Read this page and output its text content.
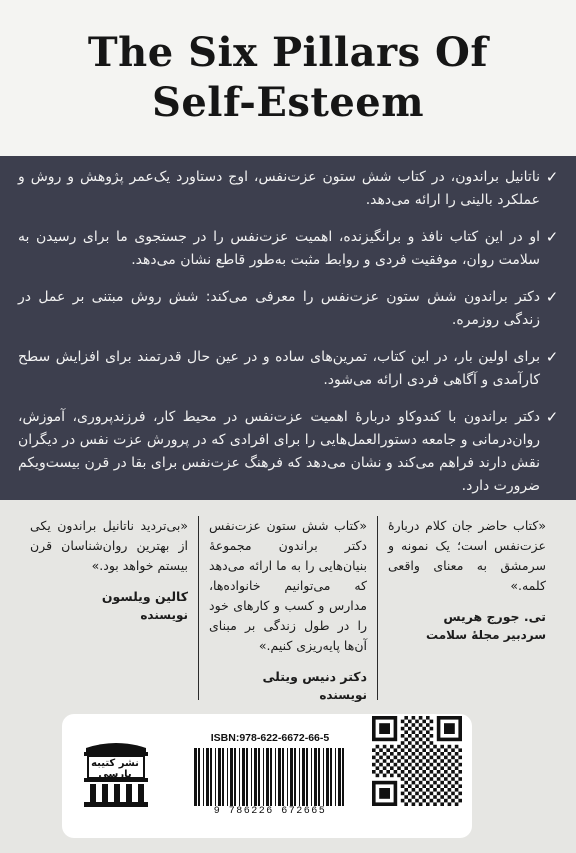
The Six Pillars Of
Self-Esteem
✓
ناتانیل براندون، در کتاب شش ستون عزت‌نفس، اوج دستاورد یک‌عمر پژوهش و روش و عملکرد بالینی را ارائه می‌دهد.
✓
او در این کتاب نافذ و برانگیزنده، اهمیت عزت‌نفس را در جستجوی ما برای رسیدن به سلامت روان، موفقیت فردی و روابط مثبت به‌طور قاطع نشان می‌دهد.
✓
دکتر براندون شش ستون عزت‌نفس را معرفی می‌کند: شش روش مبتنی بر عمل در زندگی روزمره.
✓
برای اولین بار، در این کتاب، تمرین‌های ساده و در عین حال قدرتمند برای افزایش سطح کارآمدی و آگاهی فردی ارائه می‌شود.
✓
دکتر براندون با کندوکاو دربارهٔ اهمیت عزت‌نفس در محیط کار، فرزندپروری، آموزش، روان‌درمانی و جامعه دستورالعمل‌هایی را برای افرادی که در پرورش عزت نفس در دیگران نقش دارند فراهم می‌کند و نشان می‌دهد که فرهنگ عزت‌نفس برای بقا در قرن بیست‌ویکم ضرورت دارد.
«کتاب حاضر جان کلام دربارهٔ عزت‌نفس است؛ یک نمونه و سرمشق به معنای واقعی کلمه.»
تی. جورج هریس
سردبیر مجلهٔ سلامت
«کتاب شش ستون عزت‌نفس دکتر براندون مجموعهٔ بنیان‌هایی را به ما ارائه می‌دهد که می‌توانیم خانواده‌ها، مدارس و کسب و کارهای خود را در طول زندگی بر مبنای آن‌ها پایه‌ریزی کنیم.»
دکتر دنیس ویتلی
نویسنده
«بی‌تردید ناتانیل براندون یکی از بهترین روان‌شناسان قرن بیستم خواهد بود.»
کالین ویلسون
نویسنده
نشر کتیبه پارسی
ISBN:978-622-6672-66-5
9 786226 672665
